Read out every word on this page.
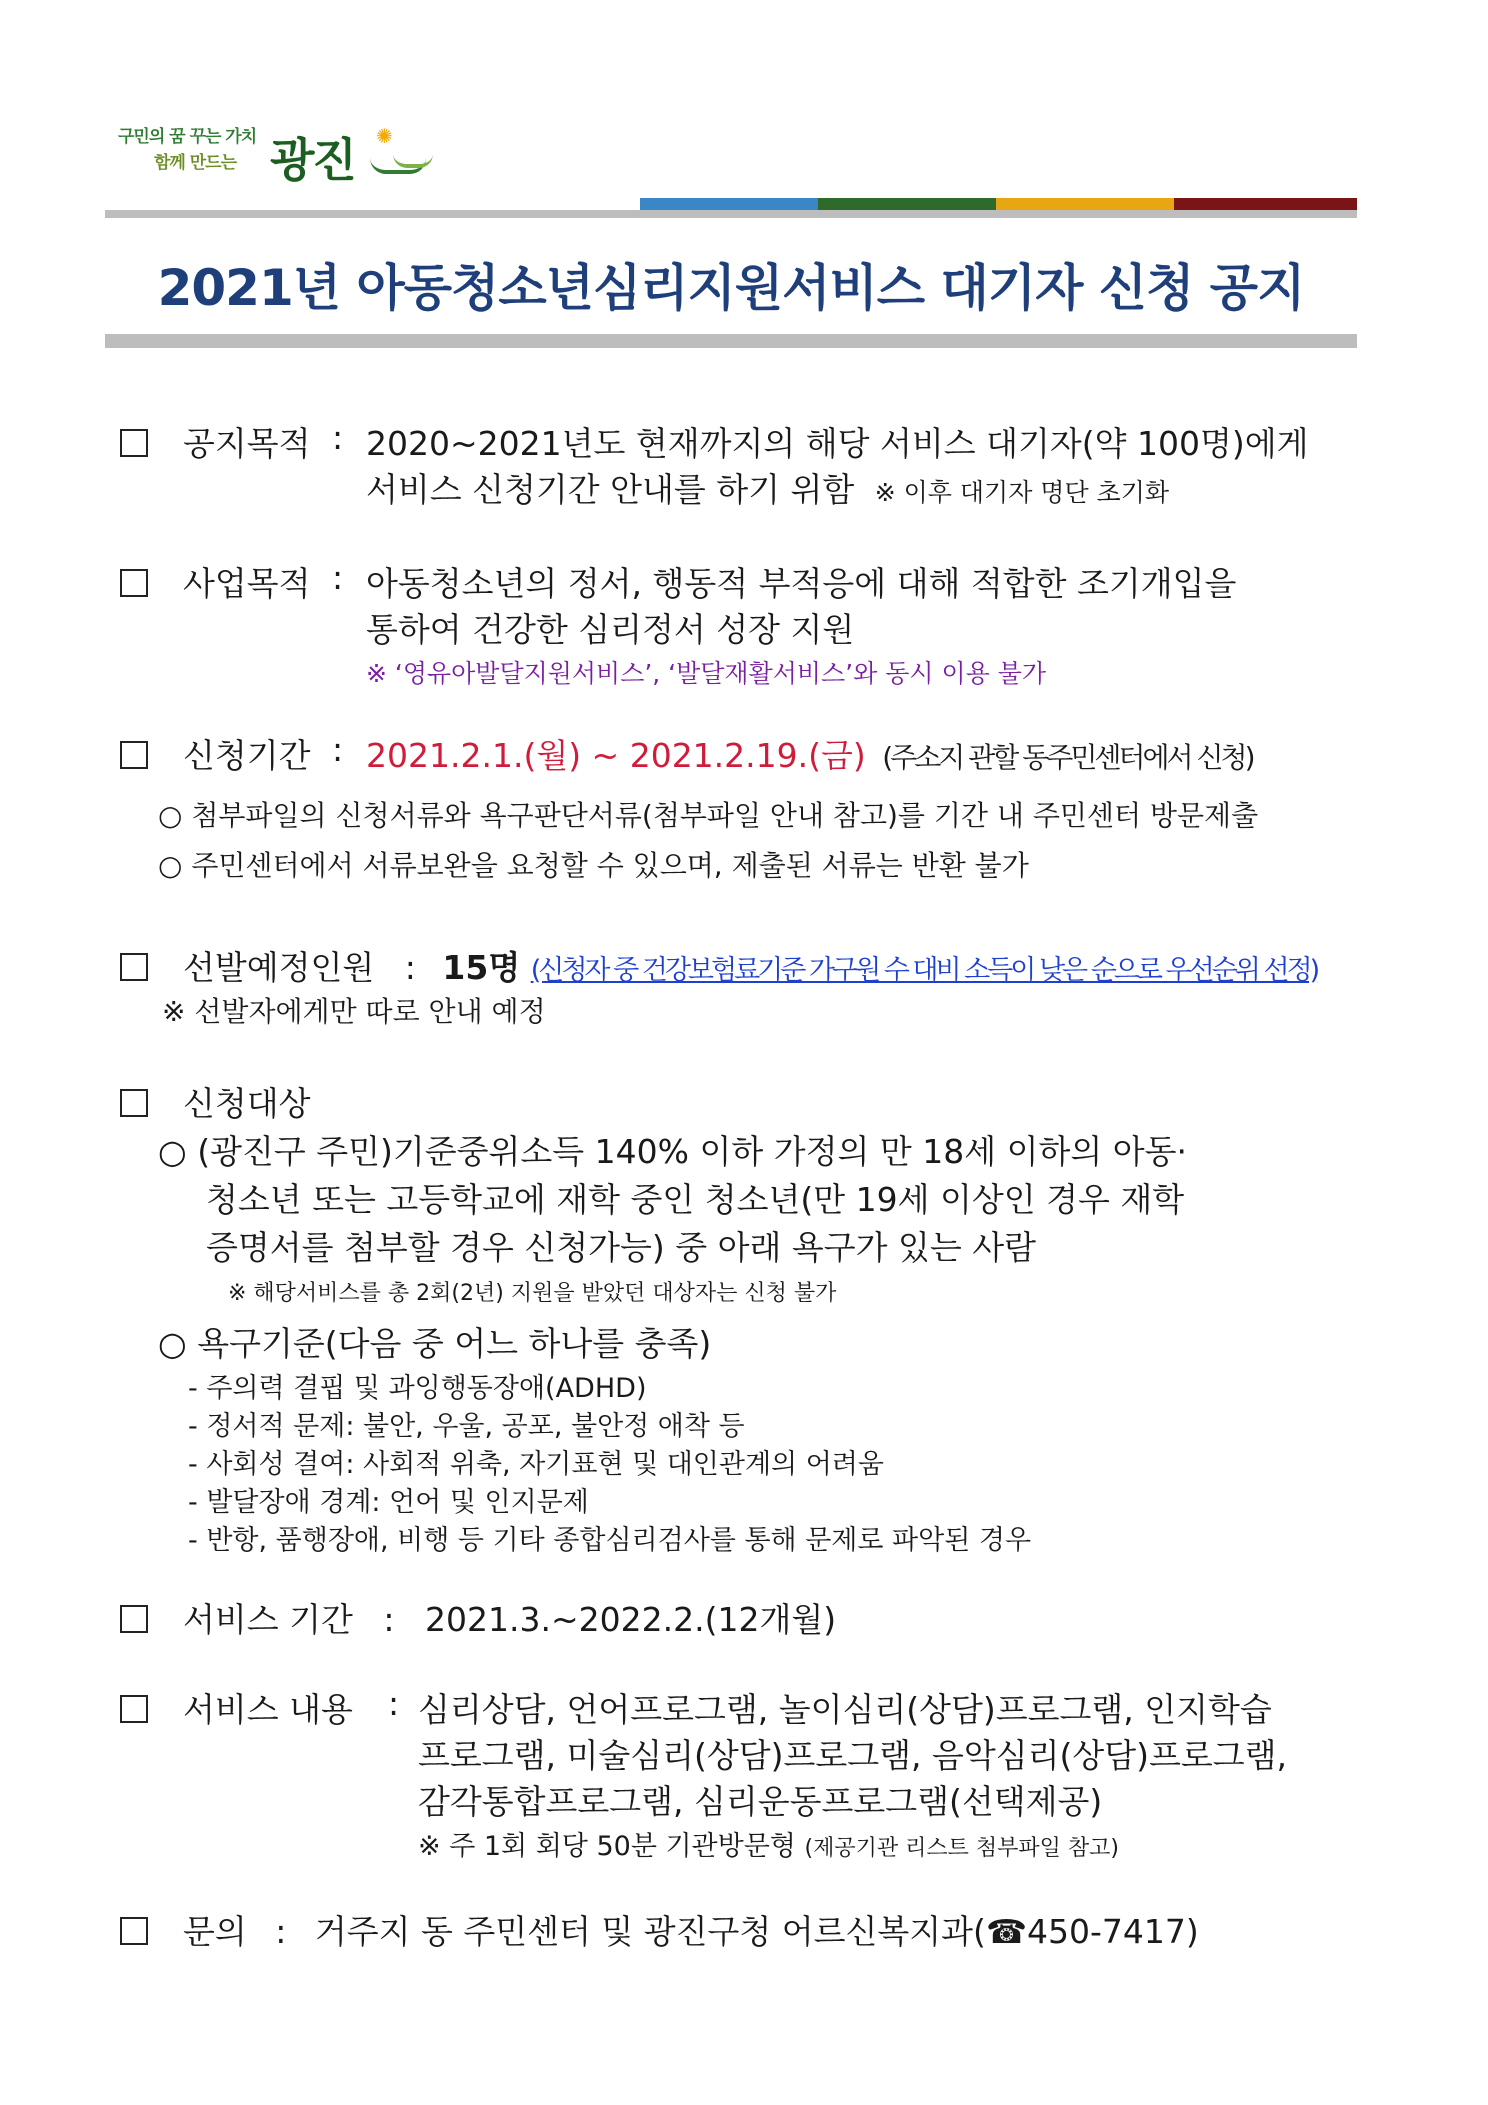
구민의 꿈 꾸는 가치
함께 만드는 광진 ✺
2021년 아동청소년심리지원서비스 대기자 신청 공지
공지목적 : 2020~2021년도 현재까지의 해당 서비스 대기자(약 100명)에게
서비스 신청기간 안내를 하기 위함 ※ 이후 대기자 명단 초기화
사업목적 : 아동청소년의 정서, 행동적 부적응에 대해 적합한 조기개입을
통하여 건강한 심리정서 성장 지원
※ ‘영유아발달지원서비스’, ‘발달재활서비스’와 동시 이용 불가
신청기간 : 2021.2.1.(월) ~ 2021.2.19.(금) (주소지 관할 동주민센터에서 신청)
○ 첨부파일의 신청서류와 욕구판단서류(첨부파일 안내 참고)를 기간 내 주민센터 방문제출
○ 주민센터에서 서류보완을 요청할 수 있으며, 제출된 서류는 반환 불가
선발예정인원 : 15명 (신청자 중 건강보험료기준 가구원 수 대비 소득이 낮은 순으로 우선순위 선정)
※ 선발자에게만 따로 안내 예정
신청대상
○ (광진구 주민)기준중위소득 140% 이하 가정의 만 18세 이하의 아동·
청소년 또는 고등학교에 재학 중인 청소년(만 19세 이상인 경우 재학
증명서를 첨부할 경우 신청가능) 중 아래 욕구가 있는 사람
※ 해당서비스를 총 2회(2년) 지원을 받았던 대상자는 신청 불가
○ 욕구기준(다음 중 어느 하나를 충족)
- 주의력 결핍 및 과잉행동장애(ADHD)
- 정서적 문제: 불안, 우울, 공포, 불안정 애착 등
- 사회성 결여: 사회적 위축, 자기표현 및 대인관계의 어려움
- 발달장애 경계: 언어 및 인지문제
- 반항, 품행장애, 비행 등 기타 종합심리검사를 통해 문제로 파악된 경우
서비스 기간 : 2021.3.~2022.2.(12개월)
서비스 내용 : 심리상담, 언어프로그램, 놀이심리(상담)프로그램, 인지학습
프로그램, 미술심리(상담)프로그램, 음악심리(상담)프로그램,
감각통합프로그램, 심리운동프로그램(선택제공)
※ 주 1회 회당 50분 기관방문형 (제공기관 리스트 첨부파일 참고)
문의 : 거주지 동 주민센터 및 광진구청 어르신복지과(☎450-7417)
